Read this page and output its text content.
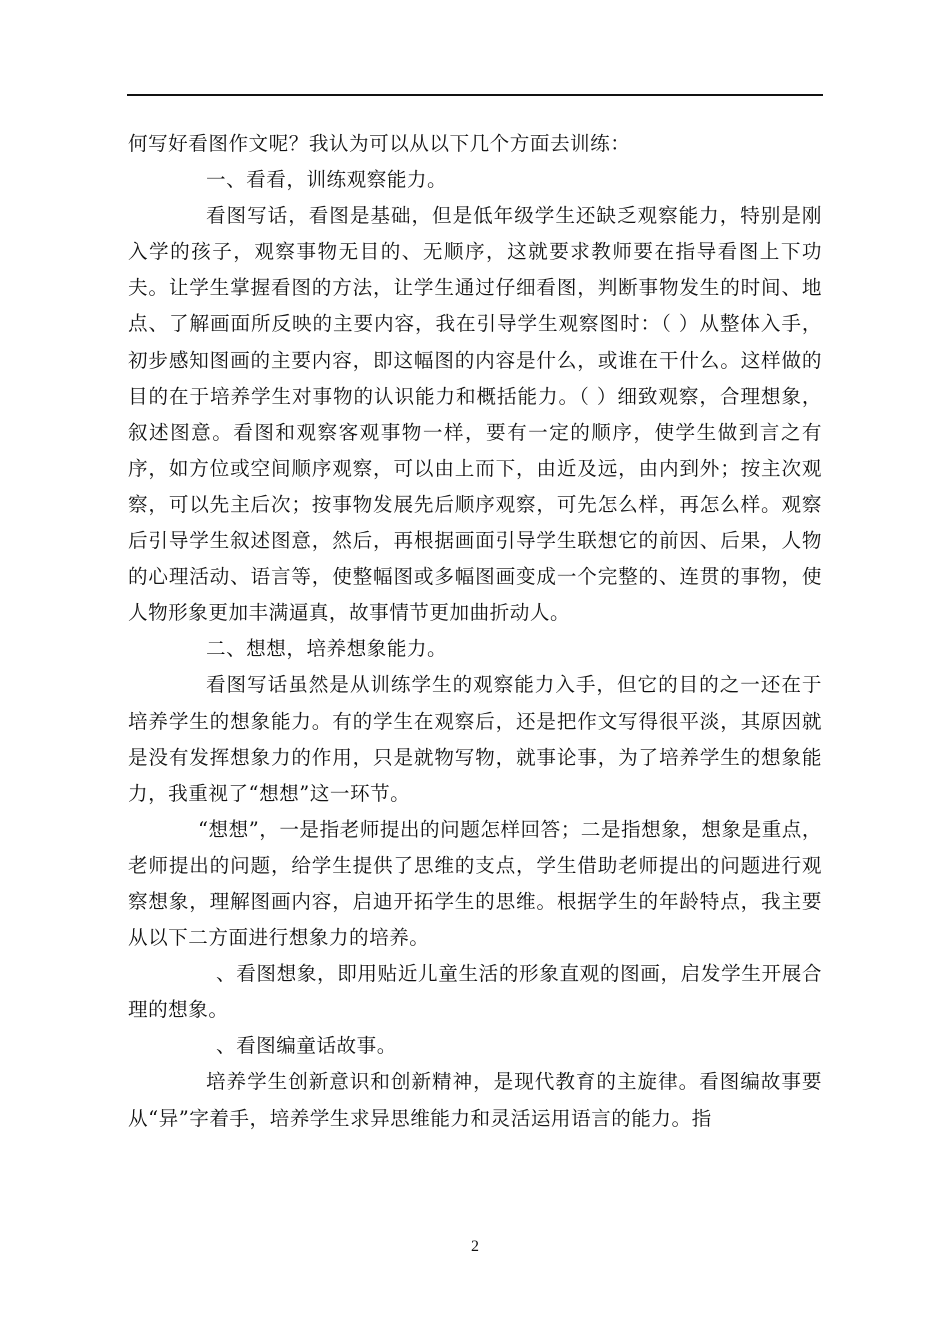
何写好看图作文呢？我认为可以从以下几个方面去训练：

一、看看，训练观察能力。

看图写话，看图是基础，但是低年级学生还缺乏观察能力，特别是刚入学的孩子，观察事物无目的、无顺序，这就要求教师要在指导看图上下功夫。让学生掌握看图的方法，让学生通过仔细看图，判断事物发生的时间、地点、了解画面所反映的主要内容，我在引导学生观察图时：（ ）从整体入手，初步感知图画的主要内容，即这幅图的内容是什么，或谁在干什么。这样做的目的在于培养学生对事物的认识能力和概括能力。（ ）细致观察，合理想象，叙述图意。看图和观察客观事物一样，要有一定的顺序，使学生做到言之有序，如方位或空间顺序观察，可以由上而下，由近及远，由内到外；按主次观察，可以先主后次；按事物发展先后顺序观察，可先怎么样，再怎么样。观察后引导学生叙述图意，然后，再根据画面引导学生联想它的前因、后果，人物的心理活动、语言等，使整幅图或多幅图画变成一个完整的、连贯的事物，使人物形象更加丰满逼真，故事情节更加曲折动人。

二、想想，培养想象能力。

看图写话虽然是从训练学生的观察能力入手，但它的目的之一还在于培养学生的想象能力。有的学生在观察后，还是把作文写得很平淡，其原因就是没有发挥想象力的作用，只是就物写物，就事论事，为了培养学生的想象能力，我重视了“想想”这一环节。

“想想”，一是指老师提出的问题怎样回答；二是指想象，想象是重点，老师提出的问题，给学生提供了思维的支点，学生借助老师提出的问题进行观察想象，理解图画内容，启迪开拓学生的思维。根据学生的年龄特点，我主要从以下二方面进行想象力的培养。

、看图想象，即用贴近儿童生活的形象直观的图画，启发学生开展合理的想象。

、看图编童话故事。

培养学生创新意识和创新精神，是现代教育的主旋律。看图编故事要从“异”字着手，培养学生求异思维能力和灵活运用语言的能力。指

2
